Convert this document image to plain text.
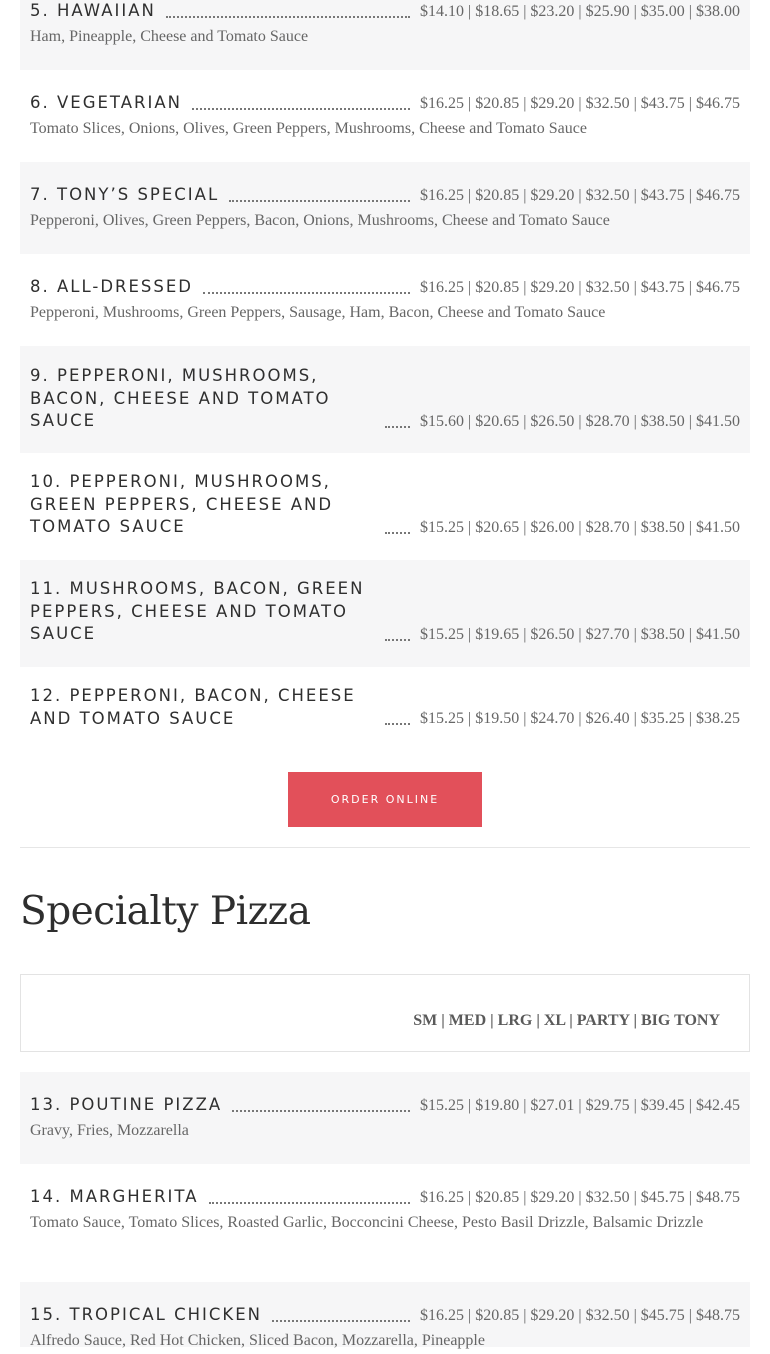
5. HAWAIIAN	$14.10 | $18.65 | $23.20 | $25.90 | $35.00 | $38.00
Ham, Pineapple, Cheese and Tomato Sauce
6. VEGETARIAN	$16.25 | $20.85 | $29.20 | $32.50 | $43.75 | $46.75
Tomato Slices, Onions, Olives, Green Peppers, Mushrooms, Cheese and Tomato Sauce
7. TONY’S SPECIAL	$16.25 | $20.85 | $29.20 | $32.50 | $43.75 | $46.75
Pepperoni, Olives, Green Peppers, Bacon, Onions, Mushrooms, Cheese and Tomato Sauce
8. ALL-DRESSED	$16.25 | $20.85 | $29.20 | $32.50 | $43.75 | $46.75
Pepperoni, Mushrooms, Green Peppers, Sausage, Ham, Bacon, Cheese and Tomato Sauce
9. PEPPERONI, MUSHROOMS, BACON, CHEESE AND TOMATO SAUCE	$15.60 | $20.65 | $26.50 | $28.70 | $38.50 | $41.50
10. PEPPERONI, MUSHROOMS, GREEN PEPPERS, CHEESE AND TOMATO SAUCE	$15.25 | $20.65 | $26.00 | $28.70 | $38.50 | $41.50
11. MUSHROOMS, BACON, GREEN PEPPERS, CHEESE AND TOMATO SAUCE	$15.25 | $19.65 | $26.50 | $27.70 | $38.50 | $41.50
12. PEPPERONI, BACON, CHEESE AND TOMATO SAUCE	$15.25 | $19.50 | $24.70 | $26.40 | $35.25 | $38.25
ORDER ONLINE
Specialty Pizza
SM | MED | LRG | XL | PARTY | BIG TONY
13. POUTINE PIZZA	$15.25 | $19.80 | $27.01 | $29.75 | $39.45 | $42.45
Gravy, Fries, Mozzarella
14. MARGHERITA	$16.25 | $20.85 | $29.20 | $32.50 | $45.75 | $48.75
Tomato Sauce, Tomato Slices, Roasted Garlic, Bocconcini Cheese, Pesto Basil Drizzle, Balsamic Drizzle
15. TROPICAL CHICKEN	$16.25 | $20.85 | $29.20 | $32.50 | $45.75 | $48.75
Alfredo Sauce, Red Hot Chicken, Sliced Bacon, Mozzarella, Pineapple
